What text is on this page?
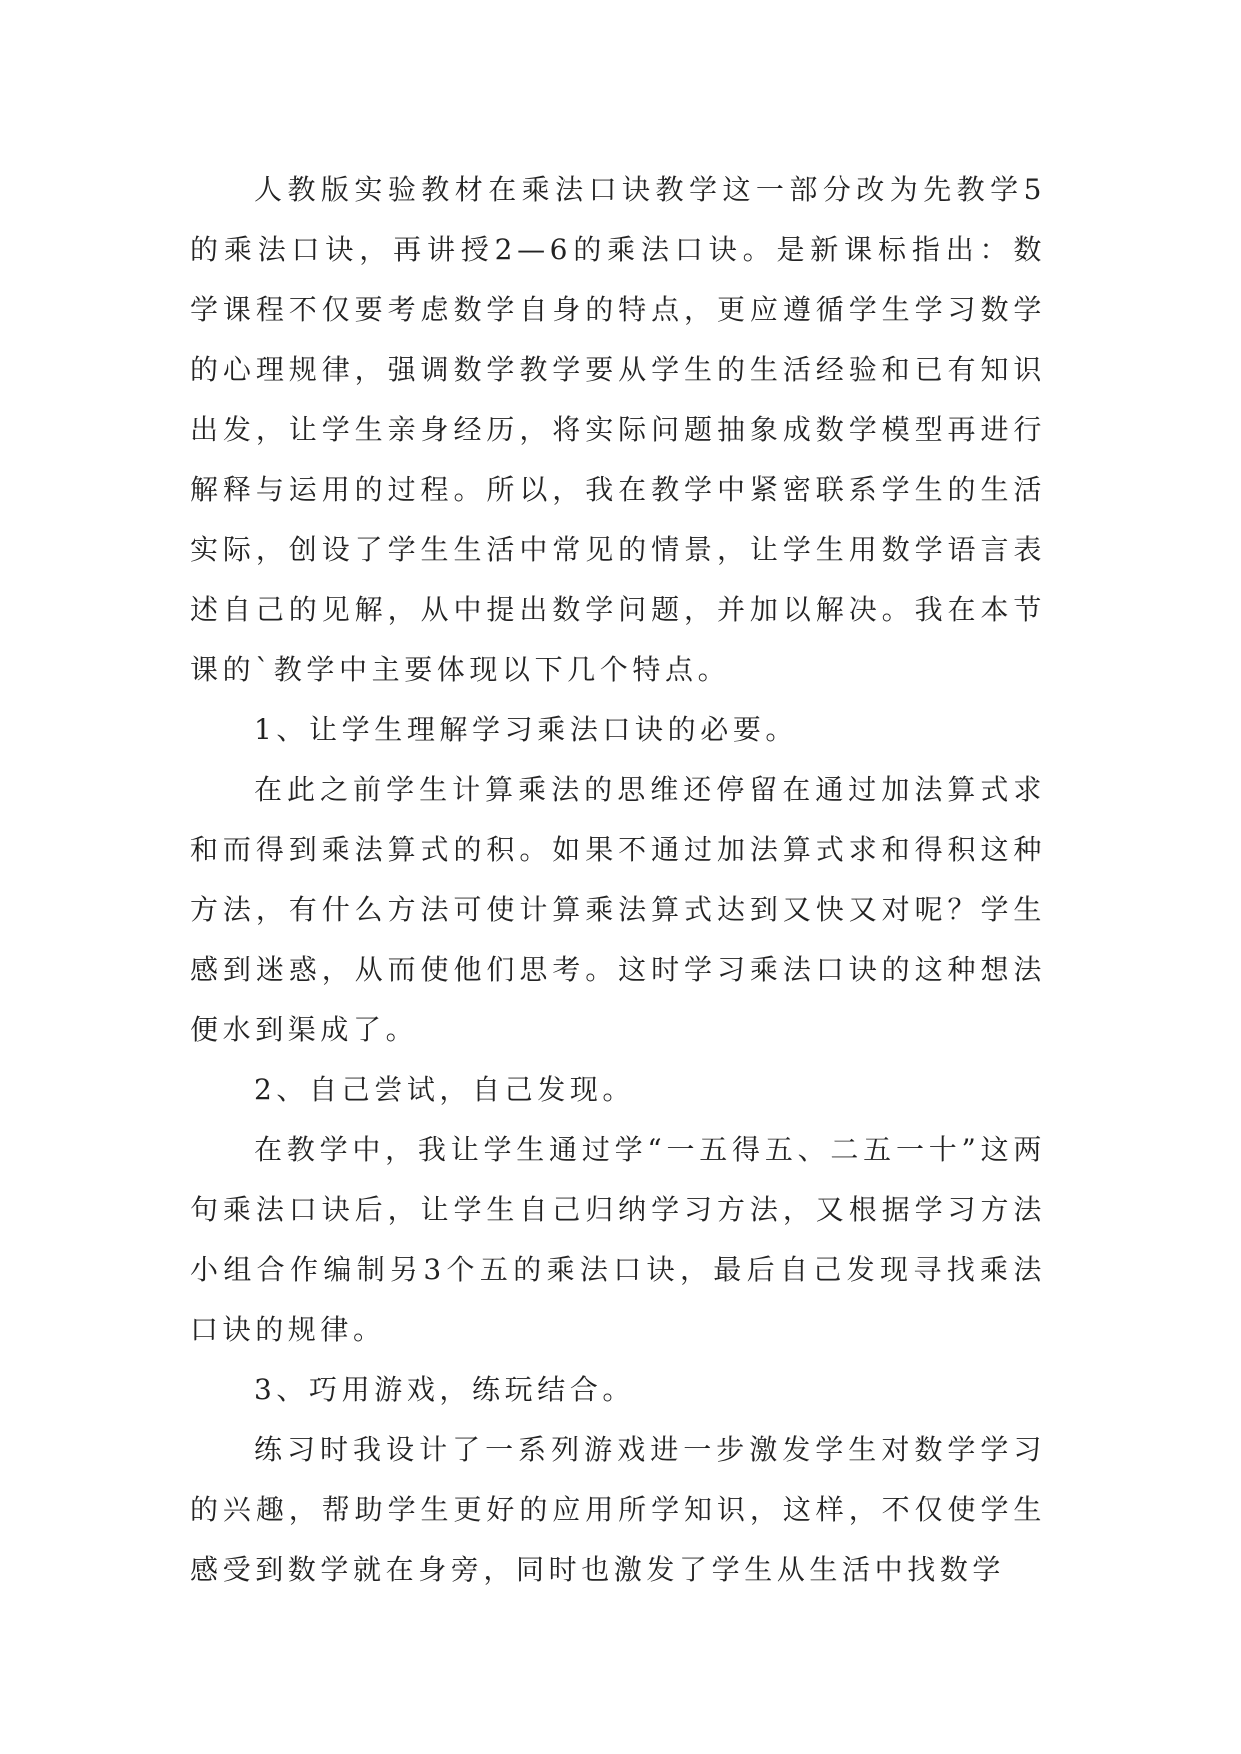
人教版实验教材在乘法口诀教学这一部分改为先教学5的乘法口诀，再讲授2—6的乘法口诀。是新课标指出：数学课程不仅要考虑数学自身的特点，更应遵循学生学习数学的心理规律，强调数学教学要从学生的生活经验和已有知识出发，让学生亲身经历，将实际问题抽象成数学模型再进行解释与运用的过程。所以，我在教学中紧密联系学生的生活实际，创设了学生生活中常见的情景，让学生用数学语言表述自己的见解，从中提出数学问题，并加以解决。我在本节课的`教学中主要体现以下几个特点。

1、让学生理解学习乘法口诀的必要。

在此之前学生计算乘法的思维还停留在通过加法算式求和而得到乘法算式的积。如果不通过加法算式求和得积这种方法，有什么方法可使计算乘法算式达到又快又对呢？学生感到迷惑，从而使他们思考。这时学习乘法口诀的这种想法便水到渠成了。

2、自己尝试，自己发现。

在教学中，我让学生通过学“一五得五、二五一十”这两句乘法口诀后，让学生自己归纳学习方法，又根据学习方法小组合作编制另3个五的乘法口诀，最后自己发现寻找乘法口诀的规律。

3、巧用游戏，练玩结合。

练习时我设计了一系列游戏进一步激发学生对数学学习的兴趣，帮助学生更好的应用所学知识，这样，不仅使学生感受到数学就在身旁，同时也激发了学生从生活中找数学
